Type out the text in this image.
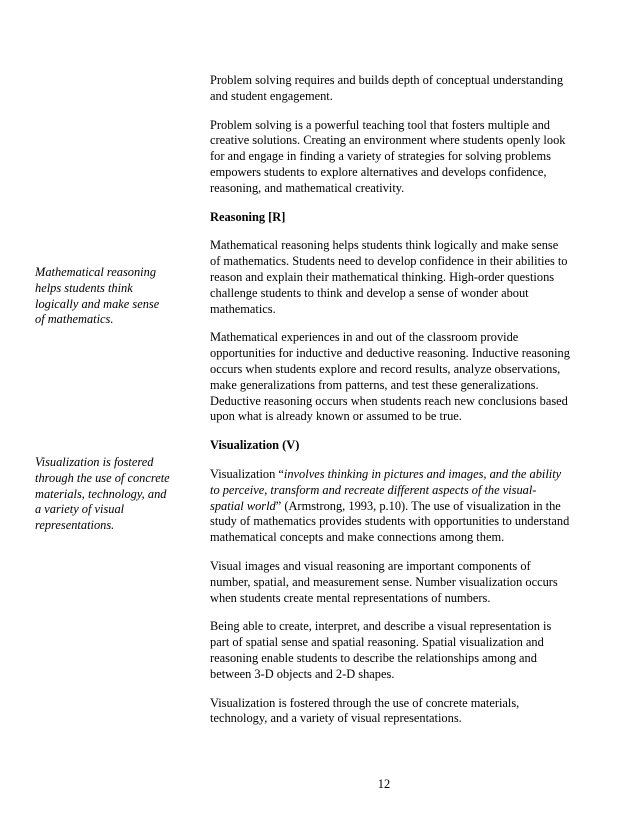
Mathematical reasoning helps students think logically and make sense of mathematics.

Visualization is fostered through the use of concrete materials, technology, and a variety of visual representations.

Problem solving requires and builds depth of conceptual understanding and student engagement.

Problem solving is a powerful teaching tool that fosters multiple and creative solutions. Creating an environment where students openly look for and engage in finding a variety of strategies for solving problems empowers students to explore alternatives and develops confidence, reasoning, and mathematical creativity.

Reasoning [R]

Mathematical reasoning helps students think logically and make sense of mathematics. Students need to develop confidence in their abilities to reason and explain their mathematical thinking. High-order questions challenge students to think and develop a sense of wonder about mathematics.

Mathematical experiences in and out of the classroom provide opportunities for inductive and deductive reasoning. Inductive reasoning occurs when students explore and record results, analyze observations, make generalizations from patterns, and test these generalizations. Deductive reasoning occurs when students reach new conclusions based upon what is already known or assumed to be true.

Visualization (V)

Visualization “involves thinking in pictures and images, and the ability to perceive, transform and recreate different aspects of the visual-spatial world” (Armstrong, 1993, p.10). The use of visualization in the study of mathematics provides students with opportunities to understand mathematical concepts and make connections among them.

Visual images and visual reasoning are important components of number, spatial, and measurement sense. Number visualization occurs when students create mental representations of numbers.

Being able to create, interpret, and describe a visual representation is part of spatial sense and spatial reasoning. Spatial visualization and reasoning enable students to describe the relationships among and between 3-D objects and 2-D shapes.

Visualization is fostered through the use of concrete materials, technology, and a variety of visual representations.

12
